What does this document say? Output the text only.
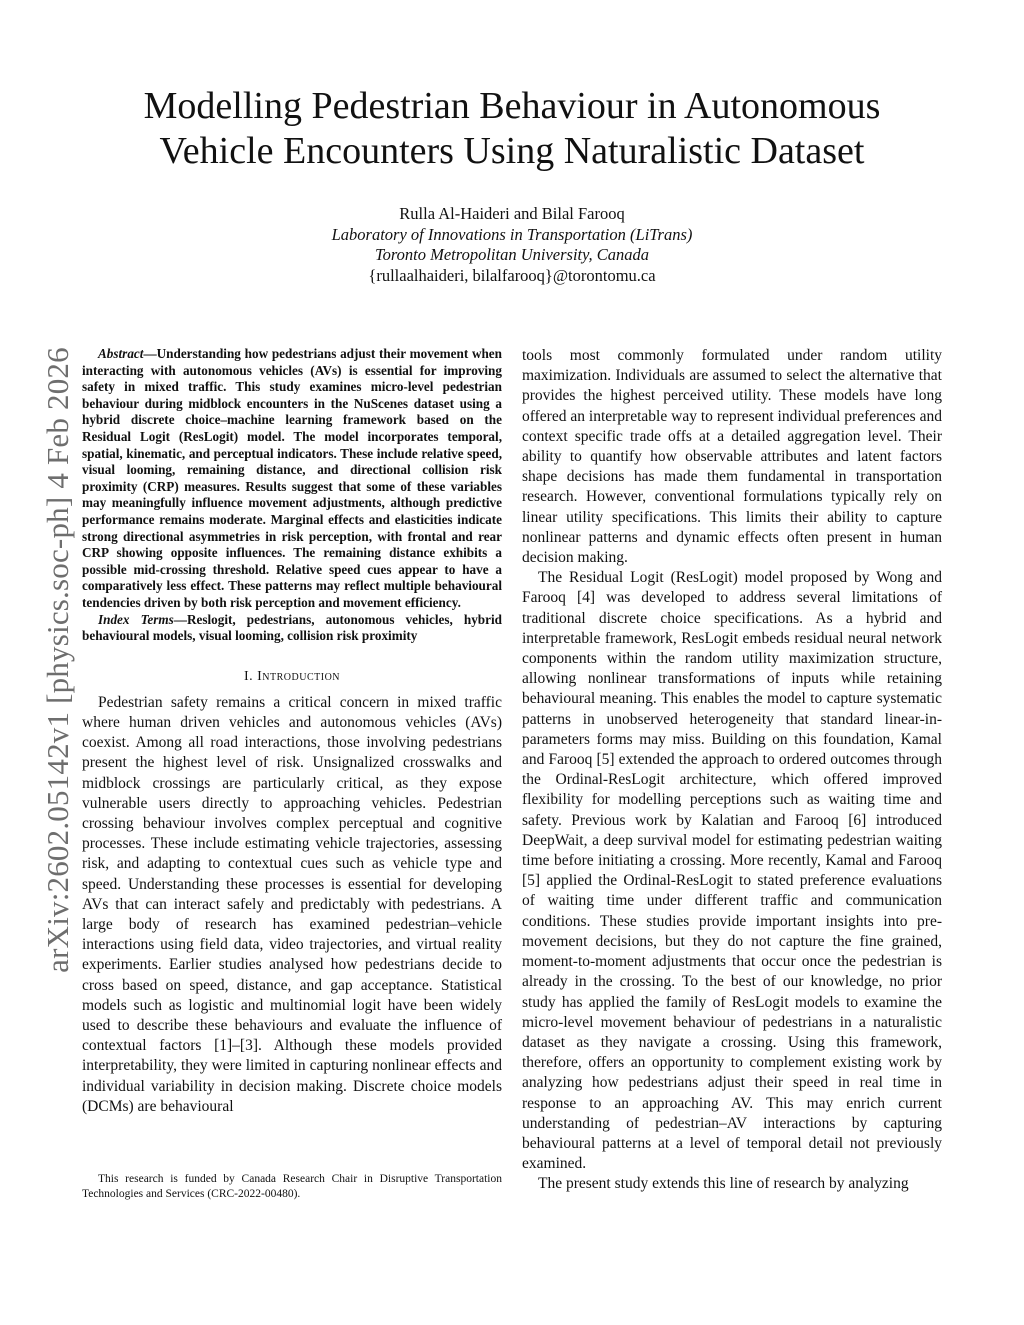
arXiv:2602.05142v1 [physics.soc-ph] 4 Feb 2026
Modelling Pedestrian Behaviour in Autonomous
Vehicle Encounters Using Naturalistic Dataset
Rulla Al-Haideri and Bilal Farooq
Laboratory of Innovations in Transportation (LiTrans)
Toronto Metropolitan University, Canada
{rullaalhaideri, bilalfarooq}@torontomu.ca

Abstract—Understanding how pedestrians adjust their movement when interacting with autonomous vehicles (AVs) is essential for improving safety in mixed traffic. This study examines micro-level pedestrian behaviour during midblock encounters in the NuScenes dataset using a hybrid discrete choice–machine learning framework based on the Residual Logit (ResLogit) model. The model incorporates temporal, spatial, kinematic, and perceptual indicators. These include relative speed, visual looming, remaining distance, and directional collision risk proximity (CRP) measures. Results suggest that some of these variables may meaningfully influence movement adjustments, although predictive performance remains moderate. Marginal effects and elasticities indicate strong directional asymmetries in risk perception, with frontal and rear CRP showing opposite influences. The remaining distance exhibits a possible mid-crossing threshold. Relative speed cues appear to have a comparatively less effect. These patterns may reflect multiple behavioural tendencies driven by both risk perception and movement efficiency.

Index Terms—Reslogit, pedestrians, autonomous vehicles, hybrid behavioural models, visual looming, collision risk proximity

I. Introduction

Pedestrian safety remains a critical concern in mixed traffic where human driven vehicles and autonomous vehicles (AVs) coexist. Among all road interactions, those involving pedestrians present the highest level of risk. Unsignalized crosswalks and midblock crossings are particularly critical, as they expose vulnerable users directly to approaching vehicles. Pedestrian crossing behaviour involves complex perceptual and cognitive processes. These include estimating vehicle trajectories, assessing risk, and adapting to contextual cues such as vehicle type and speed. Understanding these processes is essential for developing AVs that can interact safely and predictably with pedestrians. A large body of research has examined pedestrian–vehicle interactions using field data, video trajectories, and virtual reality experiments. Earlier studies analysed how pedestrians decide to cross based on speed, distance, and gap acceptance. Statistical models such as logistic and multinomial logit have been widely used to describe these behaviours and evaluate the influence of contextual factors [1]–[3]. Although these models provided interpretability, they were limited in capturing nonlinear effects and individual variability in decision making. Discrete choice models (DCMs) are behavioural

tools most commonly formulated under random utility maximization. Individuals are assumed to select the alternative that provides the highest perceived utility. These models have long offered an interpretable way to represent individual preferences and context specific trade offs at a detailed aggregation level. Their ability to quantify how observable attributes and latent factors shape decisions has made them fundamental in transportation research. However, conventional formulations typically rely on linear utility specifications. This limits their ability to capture nonlinear patterns and dynamic effects often present in human decision making.

The Residual Logit (ResLogit) model proposed by Wong and Farooq [4] was developed to address several limitations of traditional discrete choice specifications. As a hybrid and interpretable framework, ResLogit embeds residual neural network components within the random utility maximization structure, allowing nonlinear transformations of inputs while retaining behavioural meaning. This enables the model to capture systematic patterns in unobserved heterogeneity that standard linear-in-parameters forms may miss. Building on this foundation, Kamal and Farooq [5] extended the approach to ordered outcomes through the Ordinal-ResLogit architecture, which offered improved flexibility for modelling perceptions such as waiting time and safety. Previous work by Kalatian and Farooq [6] introduced DeepWait, a deep survival model for estimating pedestrian waiting time before initiating a crossing. More recently, Kamal and Farooq [5] applied the Ordinal-ResLogit to stated preference evaluations of waiting time under different traffic and communication conditions. These studies provide important insights into pre-movement decisions, but they do not capture the fine grained, moment-to-moment adjustments that occur once the pedestrian is already in the crossing. To the best of our knowledge, no prior study has applied the family of ResLogit models to examine the micro-level movement behaviour of pedestrians in a naturalistic dataset as they navigate a crossing. Using this framework, therefore, offers an opportunity to complement existing work by analyzing how pedestrians adjust their speed in real time in response to an approaching AV. This may enrich current understanding of pedestrian–AV interactions by capturing behavioural patterns at a level of temporal detail not previously examined.

The present study extends this line of research by analyzing

This research is funded by Canada Research Chair in Disruptive Transportation Technologies and Services (CRC-2022-00480).
